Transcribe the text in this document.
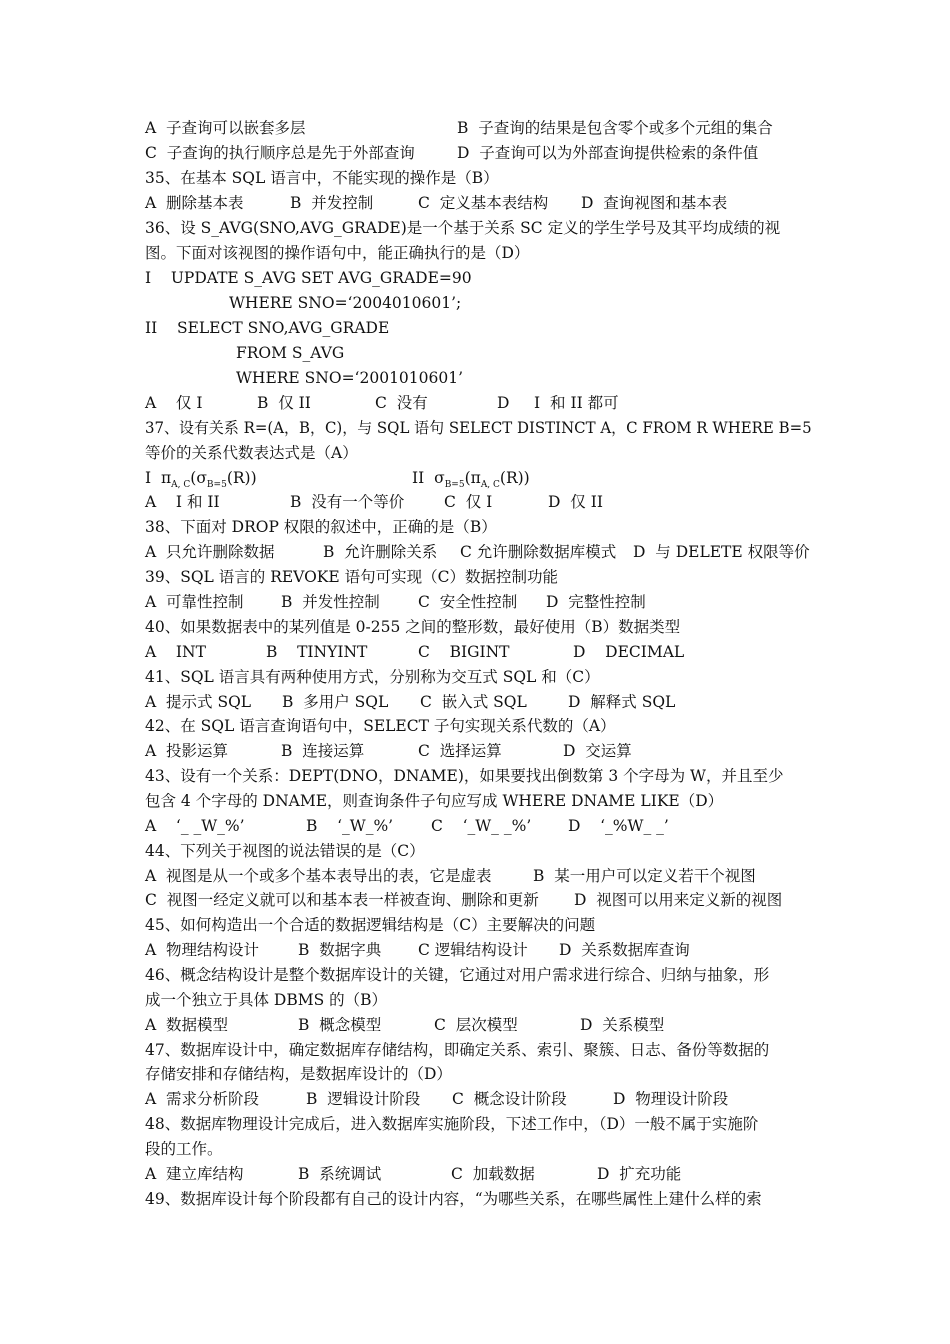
A  子查询可以嵌套多层	B  子查询的结果是包含零个或多个元组的集合
C  子查询的执行顺序总是先于外部查询	D  子查询可以为外部查询提供检索的条件值
35、在基本 SQL 语言中，不能实现的操作是（B）
A  删除基本表	B  并发控制	C  定义基本表结构 D  查询视图和基本表
36、设 S_AVG(SNO,AVG_GRADE)是一个基于关系 SC 定义的学生学号及其平均成绩的视
图。下面对该视图的操作语句中，能正确执行的是（D）
I    UPDATE S_AVG SET AVG_GRADE=90
WHERE SNO=‘2004010601’;
II    SELECT SNO,AVG_GRADE
FROM S_AVG
WHERE SNO=‘2001010601’
A    仅 I	B  仅 II	C  没有	D     I  和 II 都可
37、设有关系 R=(A，B，C)，与 SQL 语句 SELECT DISTINCT A，C FROM R WHERE B=5
等价的关系代数表达式是（A）
I  $\pi_{A, C}(\sigma_{B=5}(R))$	II  $\sigma_{B=5}(\pi_{A, C}(R))$
A    I 和 II	B  没有一个等价	C  仅 I	D  仅 II
38、下面对 DROP 权限的叙述中，正确的是（B）
A  只允许删除数据	B  允许删除关系 C 允许删除数据库模式 D  与 DELETE 权限等价
39、SQL 语言的 REVOKE 语句可实现（C）数据控制功能
A  可靠性控制 B  并发性控制 C  安全性控制 D  完整性控制
40、如果数据表中的某列值是 0-255 之间的整形数，最好使用（B）数据类型
A    INT	B    TINYINT	C    BIGINT	D    DECIMAL
41、SQL 语言具有两种使用方式，分别称为交互式 SQL 和（C）
A  提示式 SQL B  多用户 SQL C  嵌入式 SQL	D  解释式 SQL
42、在 SQL 语言查询语句中，SELECT 子句实现关系代数的（A）
A  投影运算	B  连接运算	C  选择运算	D  交运算
43、设有一个关系：DEPT(DNO，DNAME)，如果要找出倒数第 3 个字母为 W，并且至少
包含 4 个字母的 DNAME，则查询条件子句应写成 WHERE DNAME LIKE（D）
A    ‘_ _W_%’	B    ‘_W_%’ C    ‘_W_ _%’ D    ‘_%W_ _’
44、下列关于视图的说法错误的是（C）
A  视图是从一个或多个基本表导出的表，它是虚表	B  某一用户可以定义若干个视图
C  视图一经定义就可以和基本表一样被查询、删除和更新 D  视图可以用来定义新的视图
45、如何构造出一个合适的数据逻辑结构是（C）主要解决的问题
A  物理结构设计	B  数据字典 C 逻辑结构设计 D  关系数据库查询
46、概念结构设计是整个数据库设计的关键，它通过对用户需求进行综合、归纳与抽象，形
成一个独立于具体 DBMS 的（B）
A  数据模型	B  概念模型	C  层次模型	D  关系模型
47、数据库设计中，确定数据库存储结构，即确定关系、索引、聚簇、日志、备份等数据的
存储安排和存储结构，是数据库设计的（D）
A  需求分析阶段	B  逻辑设计阶段 C  概念设计阶段	D  物理设计阶段
48、数据库物理设计完成后，进入数据库实施阶段，下述工作中，（D）一般不属于实施阶
段的工作。
A  建立库结构	B  系统调试	C  加载数据	D  扩充功能
49、数据库设计每个阶段都有自己的设计内容，“为哪些关系，在哪些属性上建什么样的索
